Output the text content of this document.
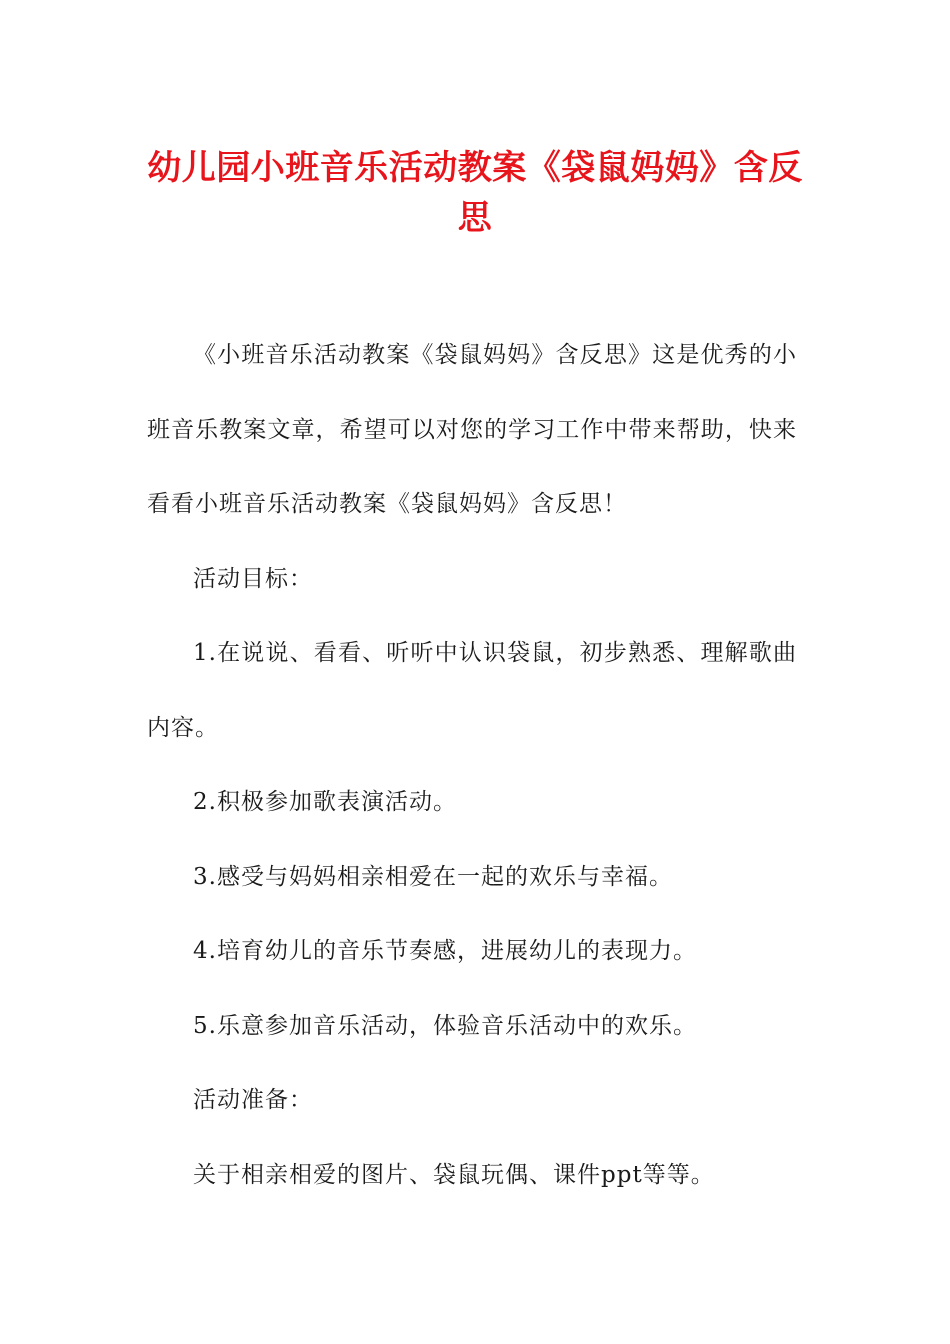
幼儿园小班音乐活动教案《袋鼠妈妈》含反思

《小班音乐活动教案《袋鼠妈妈》含反思》这是优秀的小班音乐教案文章，希望可以对您的学习工作中带来帮助，快来看看小班音乐活动教案《袋鼠妈妈》含反思！

活动目标：

1.在说说、看看、听听中认识袋鼠，初步熟悉、理解歌曲内容。

2.积极参加歌表演活动。

3.感受与妈妈相亲相爱在一起的欢乐与幸福。

4.培育幼儿的音乐节奏感，进展幼儿的表现力。

5.乐意参加音乐活动，体验音乐活动中的欢乐。

活动准备：

关于相亲相爱的图片、袋鼠玩偶、课件ppt等等。
